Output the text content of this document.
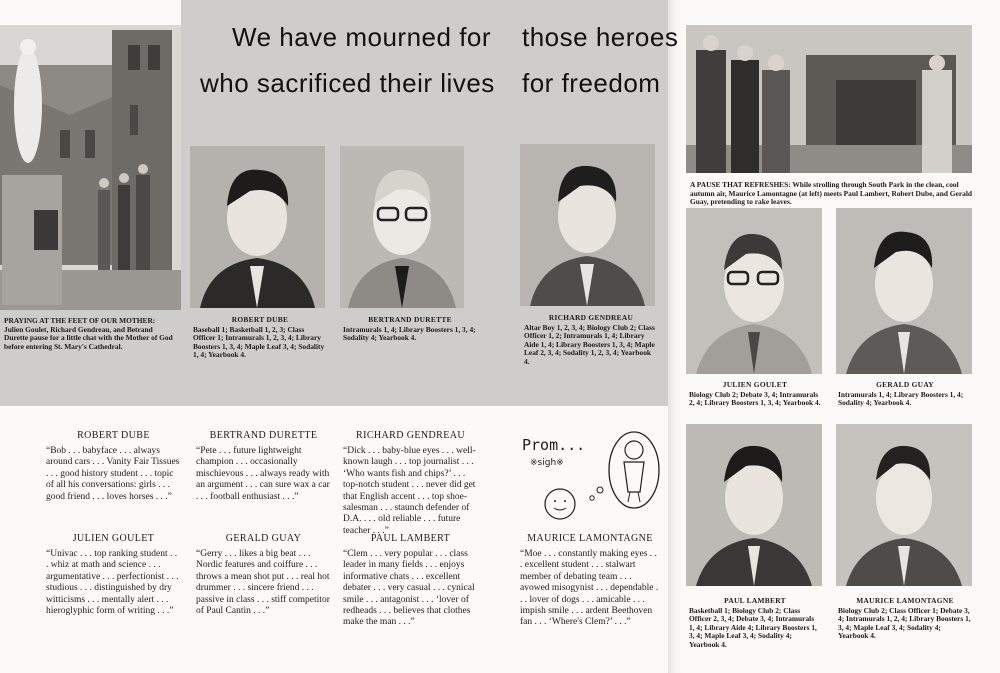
We have mourned for those heroes
who sacrificed their lives for freedom
PRAYING AT THE FEET OF OUR MOTHER: Julien Goulet, Richard Gendreau, and Betrand Durette pause for a little chat with the Mother of God before entering St. Mary's Cathedral.
ROBERT DUBE
Baseball 1; Basketball 1, 2, 3; Class Officer 1; Intramurals 1, 2, 3, 4; Library Boosters 1, 3, 4; Maple Leaf 3, 4; Sodality 1, 4; Yearbook 4.
BERTRAND DURETTE
Intramurals 1, 4; Library Boosters 1, 3, 4; Sodality 4; Yearbook 4.
RICHARD GENDREAU
Altar Boy 1, 2, 3, 4; Biology Club 2; Class Officer 1, 2; Intramurals 1, 4; Library Aide 1, 4; Library Boosters 1, 3, 4; Maple Leaf 2, 3, 4; Sodality 1, 2, 3, 4; Yearbook 4.
ROBERT DUBE
“Bob . . . babyface . . . always around cars . . . Vanity Fair Tissues . . . good history student . . . topic of all his conversations: girls . . . good friend . . . loves horses . . .”
BERTRAND DURETTE
“Pete . . . future lightweight champion . . . occasionally mischievous . . . always ready with an argument . . . can sure wax a car . . . football enthusiast . . .”
RICHARD GENDREAU
“Dick . . . baby-blue eyes . . . well-known laugh . . . top journalist . . . ‘Who wants fish and chips?’ . . . top-notch student . . . never did get that English accent . . . top shoe-salesman . . . staunch defender of D.A. . . . old reliable . . . future teacher . . .”
JULIEN GOULET
“Univac . . . top ranking student . . . whiz at math and science . . . argumentative . . . perfectionist . . . studious . . . distinguished by dry witticisms . . . mentally alert . . . hieroglyphic form of writing . . .”
GERALD GUAY
“Gerry . . . likes a big beat . . . Nordic features and coiffure . . . throws a mean shot put . . . real hot drummer . . . sincere friend . . . passive in class . . . stiff competitor of Paul Cantin . . .”
PAUL LAMBERT
“Clem . . . very popular . . . class leader in many fields . . . enjoys informative chats . . . excellent debater . . . very casual . . . cynical smile . . . antagonist . . . ‘lover of redheads . . . believes that clothes make the man . . .”
MAURICE LAMONTAGNE
“Moe . . . constantly making eyes . . . excellent student . . . stalwart member of debating team . . . avowed misogynist . . . dependable . . . lover of dogs . . . amicable . . . impish smile . . . ardent Beethoven fan . . . ‘Where's Clem?’ . . .”
Prom...
※sigh※
A PAUSE THAT REFRESHES: While strolling through South Park in the clean, cool autumn air, Maurice Lamontagne (at left) meets Paul Lambert, Robert Dube, and Gerald Guay, pretending to rake leaves.
JULIEN GOULET
Biology Club 2; Debate 3, 4; Intramurals 2, 4; Library Boosters 1, 3, 4; Yearbook 4.
GERALD GUAY
Intramurals 1, 4; Library Boosters 1, 4; Sodality 4; Yearbook 4.
PAUL LAMBERT
Basketball 1; Biology Club 2; Class Officer 2, 3, 4; Debate 3, 4; Intramurals 1, 4; Library Aide 4; Library Boosters 1, 3, 4; Maple Leaf 3, 4; Sodality 4; Yearbook 4.
MAURICE LAMONTAGNE
Biology Club 2; Class Officer 1; Debate 3, 4; Intramurals 1, 2, 4; Library Boosters 1, 3, 4; Maple Leaf 3, 4; Sodality 4; Yearbook 4.
